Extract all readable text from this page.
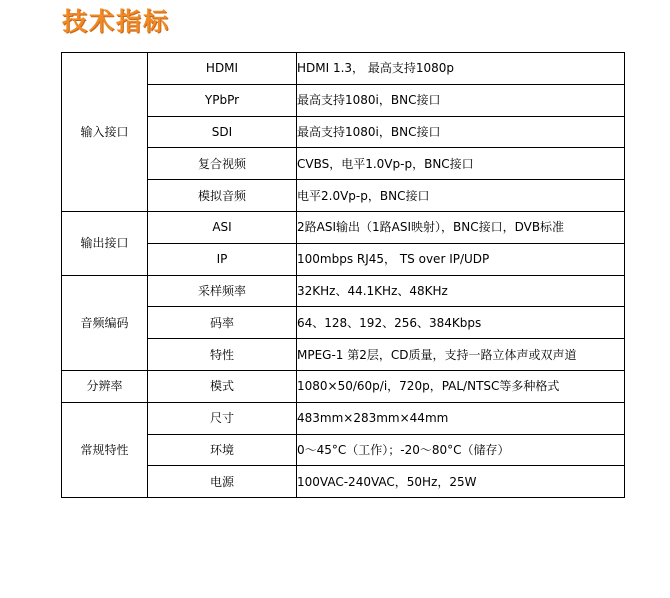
技术指标
输入接口	HDMI	HDMI 1.3， 最高支持1080p
	YPbPr	最高支持1080i，BNC接口
	SDI	最高支持1080i，BNC接口
	复合视频	CVBS，电平1.0Vp-p，BNC接口
	模拟音频	电平2.0Vp-p，BNC接口
输出接口	ASI	2路ASI输出（1路ASI映射），BNC接口，DVB标准
	IP	100mbps RJ45， TS over IP/UDP
音频编码	采样频率	32KHz、44.1KHz、48KHz
	码率	64、128、192、256、384Kbps
	特性	MPEG-1 第2层，CD质量，支持一路立体声或双声道
分辨率	模式	1080×50/60p/i，720p，PAL/NTSC等多种格式
常规特性	尺寸	483mm×283mm×44mm
	环境	0～45°C（工作）；-20～80°C（储存）
	电源	100VAC-240VAC，50Hz，25W
